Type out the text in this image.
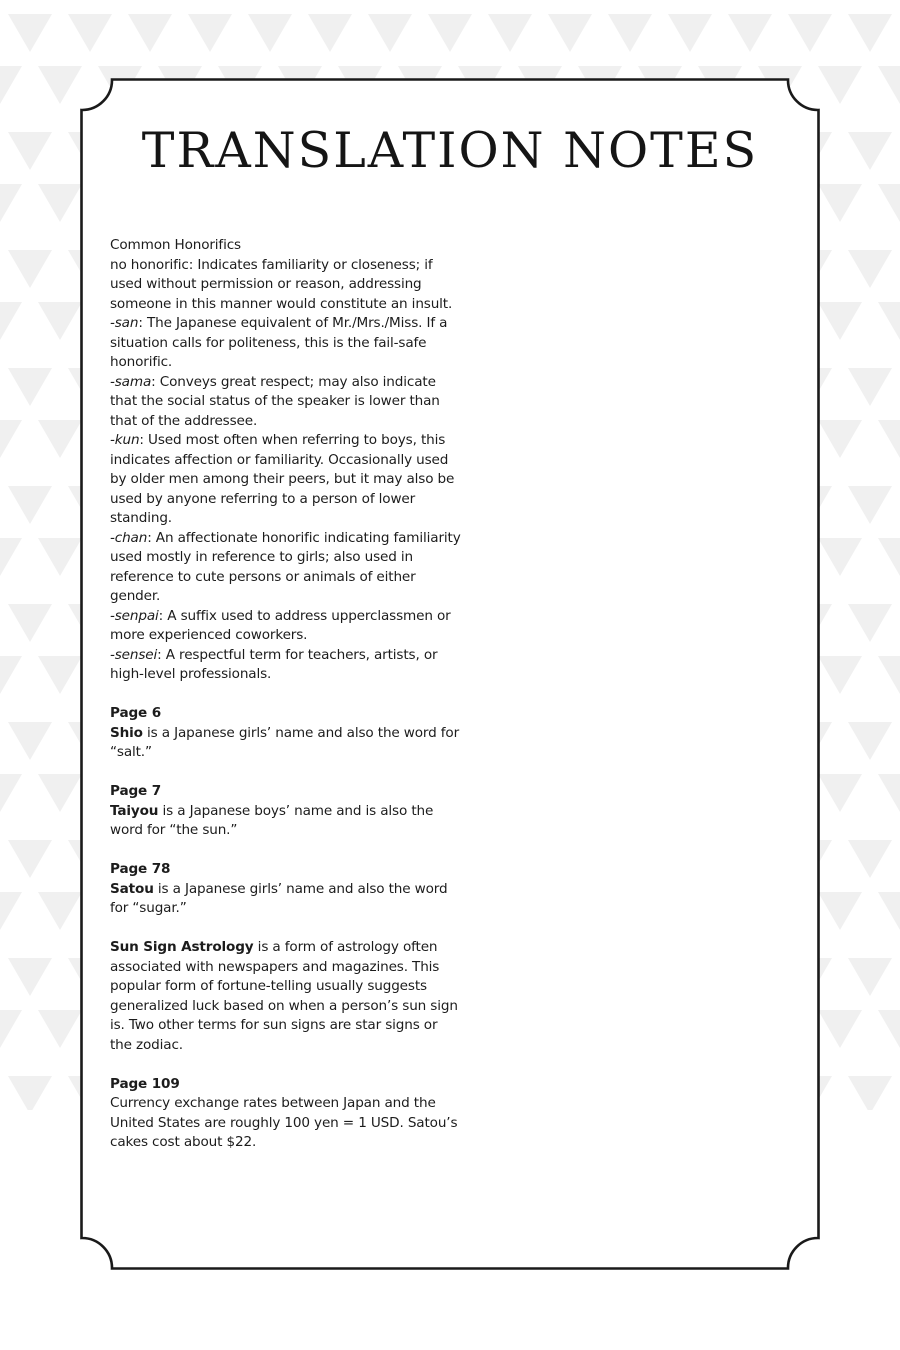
TRANSLATION NOTES

Common Honorifics

no honorific: Indicates familiarity or closeness; if used without permission or reason, addressing someone in this manner would constitute an insult.

-san: The Japanese equivalent of Mr./Mrs./Miss. If a situation calls for politeness, this is the fail-safe honorific.

-sama: Conveys great respect; may also indicate that the social status of the speaker is lower than that of the addressee.

-kun: Used most often when referring to boys, this indicates affection or familiarity. Occasionally used by older men among their peers, but it may also be used by anyone referring to a person of lower standing.

-chan: An affectionate honorific indicating familiarity used mostly in reference to girls; also used in reference to cute persons or animals of either gender.

-senpai: A suffix used to address upperclassmen or more experienced coworkers.

-sensei: A respectful term for teachers, artists, or high-level professionals.

Page 6

Shio is a Japanese girls’ name and also the word for “salt.”

Page 7

Taiyou is a Japanese boys’ name and is also the word for “the sun.”

Page 78

Satou is a Japanese girls’ name and also the word for “sugar.”

Sun Sign Astrology is a form of astrology often associated with newspapers and magazines. This popular form of fortune-telling usually suggests generalized luck based on when a person’s sun sign is. Two other terms for sun signs are star signs or the zodiac.

Page 109

Currency exchange rates between Japan and the United States are roughly 100 yen = 1 USD. Satou’s cakes cost about $22.
